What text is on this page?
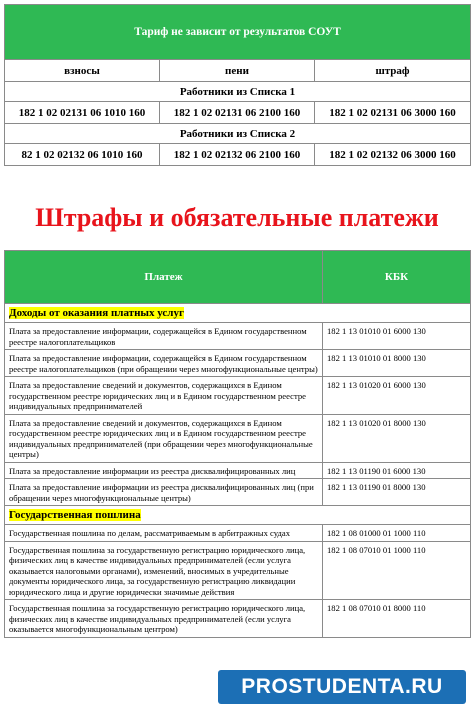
Тариф не зависит от результатов СОУТ		
взносы	пени	штраф
Работники из Списка 1		
182 1 02 02131 06 1010 160	182 1 02 02131 06 2100 160	182 1 02 02131 06 3000 160
Работники из Списка 2		
82 1 02 02132 06 1010 160	182 1 02 02132 06 2100 160	182 1 02 02132 06 3000 160
Штрафы и обязательные платежи
Платеж	КБК
Доходы от оказания платных услуг	
Плата за предоставление информации, содержащейся в Едином государственном реестре налогоплательщиков	182 1 13 01010 01 6000 130
Плата за предоставление информации, содержащейся в Едином государственном реестре налогоплательщиков (при обращении через многофункциональные центры)	182 1 13 01010 01 8000 130
Плата за предоставление сведений и документов, содержащихся в Едином государственном реестре юридических лиц и в Едином государственном реестре индивидуальных предпринимателей	182 1 13 01020 01 6000 130
Плата за предоставление сведений и документов, содержащихся в Едином государственном реестре юридических лиц и в Едином государственном реестре индивидуальных предпринимателей (при обращении через многофункциональные центры)	182 1 13 01020 01 8000 130
Плата за предоставление информации из реестра дисквалифицированных лиц	182 1 13 01190 01 6000 130
Плата за предоставление информации из реестра дисквалифицированных лиц (при обращении через многофункциональные центры)	182 1 13 01190 01 8000 130
Государственная пошлина	
Государственная пошлина по делам, рассматриваемым в арбитражных судах	182 1 08 01000 01 1000 110
Государственная пошлина за государственную регистрацию юридического лица, физических лиц в качестве индивидуальных предпринимателей (если услуга оказывается налоговыми органами), изменений, вносимых в учредительные документы юридического лица, за государственную регистрацию ликвидации юридического лица и другие юридически значимые действия	182 1 08 07010 01 1000 110
Государственная пошлина за государственную регистрацию юридического лица, физических лиц в качестве индивидуальных предпринимателей (если услуга оказывается многофункциональным центром)	182 1 08 07010 01 8000 110
PROSTUDENTA.RU
